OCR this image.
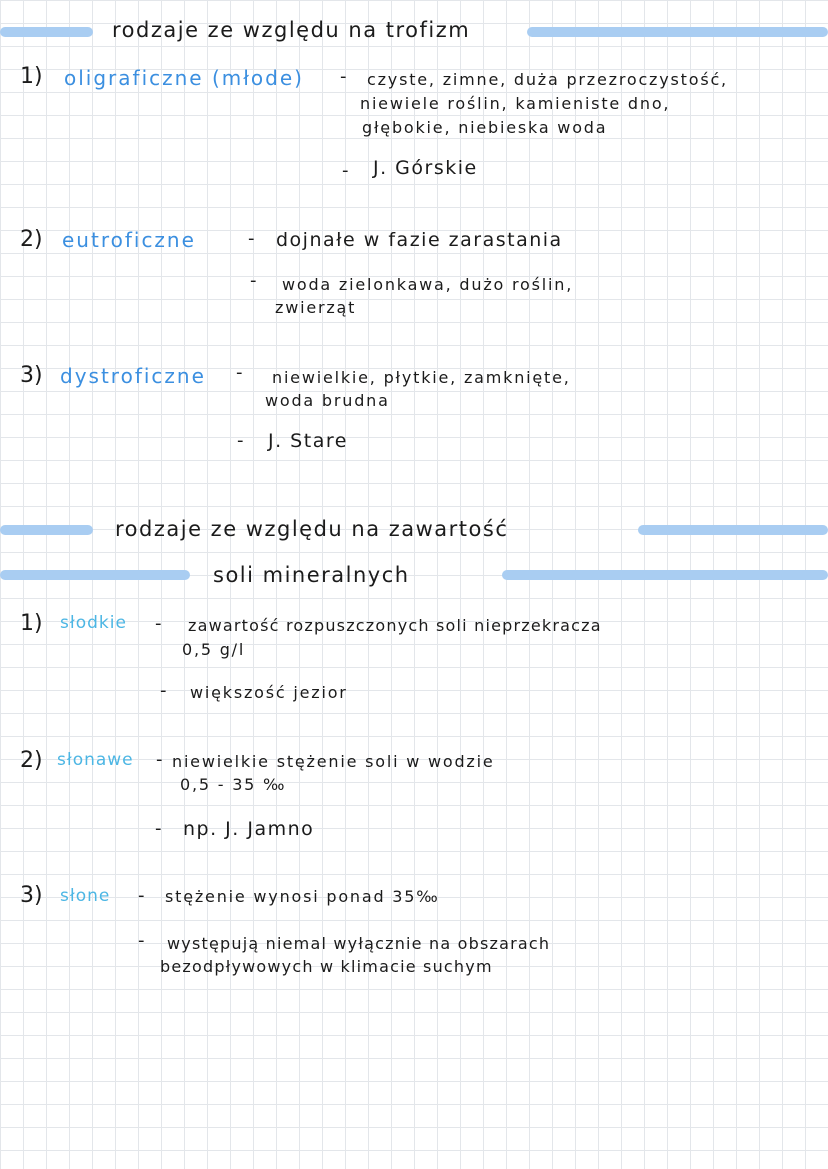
rodzaje ze względu na trofizm
1) oligraficzne (młode) - czyste, zimne, duża przezroczystość,
niewiele roślin, kamieniste dno,
głębokie, niebieska woda
- J. Górskie
2) eutroficzne	- dojnałe w fazie zarastania
- woda zielonkawa, dużo roślin,
zwierząt
3) dystroficzne - niewielkie, płytkie, zamknięte,
woda brudna
- J. Stare
rodzaje ze względu na zawartość
soli mineralnych
1) słodkie - zawartość rozpuszczonych soli nieprzekracza
0,5 g/l
- większość jezior
2) słonawe - niewielkie stężenie soli w wodzie
0,5 - 35 ‰
- np. J. Jamno
3) słone - stężenie wynosi ponad 35‰
- występują niemal wyłącznie na obszarach
bezodpływowych w klimacie suchym
